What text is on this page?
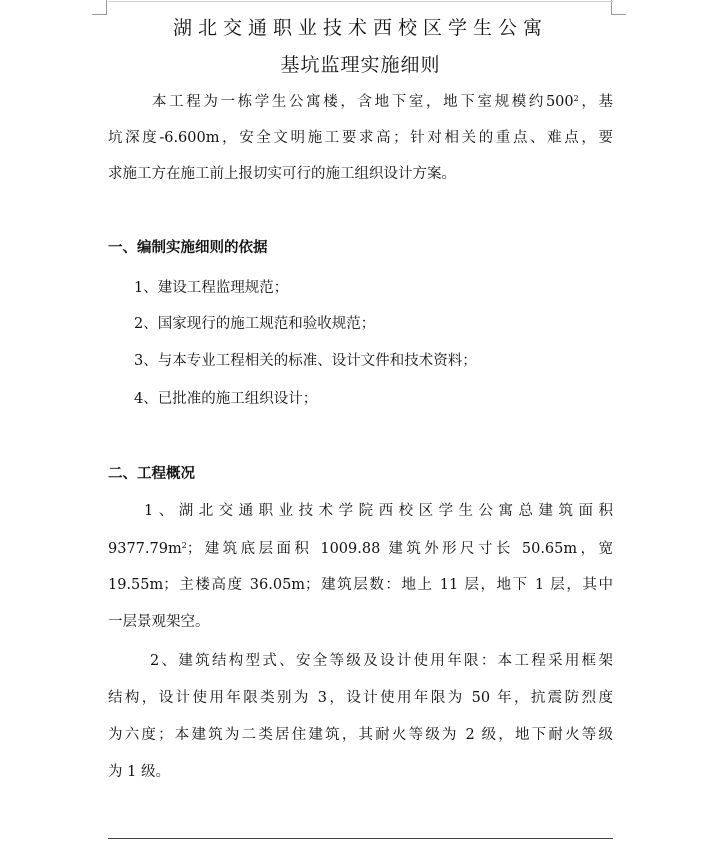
湖北交通职业技术西校区学生公寓
基坑监理实施细则
本工程为一栋学生公寓楼，含地下室，地下室规模约$500^2$，基
坑深度-6.600m，安全文明施工要求高；针对相关的重点、难点，要
求施工方在施工前上报切实可行的施工组织设计方案。
一、编制实施细则的依据
1、建设工程监理规范；
2、国家现行的施工规范和验收规范；
3、与本专业工程相关的标准、设计文件和技术资料；
4、已批准的施工组织设计；
二、工程概况
1、湖北交通职业技术学院西校区学生公寓总建筑面积
$9377.79m^2$；建筑底层面积 1009.88 建筑外形尺寸长 50.65m，宽
19.55m；主楼高度 36.05m；建筑层数：地上 11 层，地下 1 层，其中
一层景观架空。
2、建筑结构型式、安全等级及设计使用年限：本工程采用框架
结构，设计使用年限类别为 3，设计使用年限为 50 年，抗震防烈度
为六度；本建筑为二类居住建筑，其耐火等级为 2 级，地下耐火等级
为 1 级。
